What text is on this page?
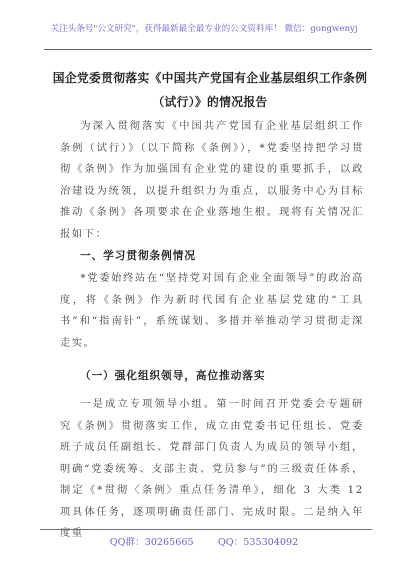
关注头条号"公文研究"，获得最新最全最专业的公文资料库！ 微信：gongwenyj
国企党委贯彻落实《中国共产党国有企业基层组织工作条例（试行）》的情况报告

为深入贯彻落实《中国共产党国有企业基层组织工作条例（试行）》（以下简称《条例》），*党委坚持把学习贯彻《条例》作为加强国有企业党的建设的重要抓手，以政治建设为统领，以提升组织力为重点，以服务中心为目标推动《条例》各项要求在企业落地生根。现将有关情况汇报如下：

一、学习贯彻条例情况

*党委始终站在“坚持党对国有企业全面领导”的政治高度，将《条例》作为新时代国有企业基层党建的“工具书”和“指南针”，系统谋划、多措并举推动学习贯彻走深走实。

（一）强化组织领导，高位推动落实

一是成立专项领导小组。第一时间召开党委会专题研究《条例》贯彻落实工作，成立由党委书记任组长、党委班子成员任副组长、党群部门负责人为成员的领导小组，明确“党委统筹、支部主责、党员参与”的三级责任体系，制定《*贯彻〈条例〉重点任务清单》，细化 3 大类 12 项具体任务，逐项明确责任部门、完成时限。二是纳入年度重

QQ群：30265665        QQ：535304092
